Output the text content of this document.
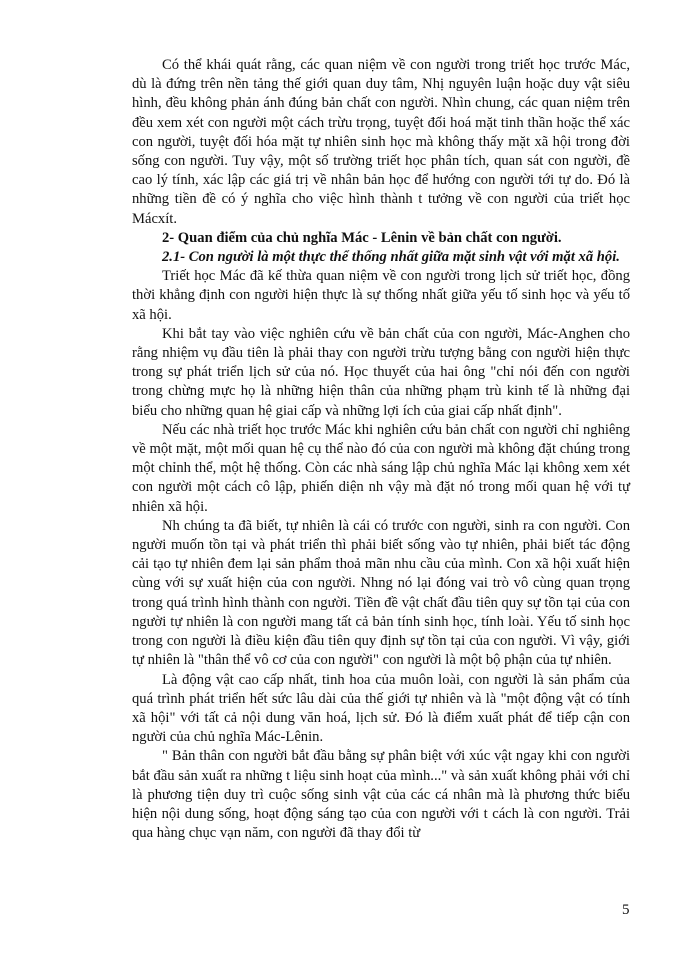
Có thể khái quát rằng, các quan niệm về con người trong triết học trước Mác, dù là đứng trên nền tảng thế giới quan duy tâm, Nhị nguyên luận hoặc duy vật siêu hình, đều không phản ánh đúng bản chất con người. Nhìn chung, các quan niệm trên đều xem xét con người một cách trừu trọng, tuyệt đối hoá mặt tinh thần hoặc thể xác con người, tuyệt đối hóa mặt tự nhiên sinh học mà không thấy mặt xã hội trong đời sống con người. Tuy vậy, một số trường triết học phân tích, quan sát con người, đề cao lý tính, xác lập các giá trị về nhân bản học để hướng con người tới tự do. Đó là những tiền đề có ý nghĩa cho việc hình thành t tưởng về con người của triết học Mácxít.

2- Quan điểm của chủ nghĩa Mác - Lênin về bản chất con người.

2.1- Con người là một thực thể thống nhất giữa mặt sinh vật với mặt xã hội.

Triết học Mác đã kế thừa quan niệm về con người trong lịch sử triết học, đồng thời khẳng định con người hiện thực là sự thống nhất giữa yếu tố sinh học và yếu tố xã hội.

Khi bắt tay vào việc nghiên cứu về bản chất của con người, Mác-Anghen cho rằng nhiệm vụ đầu tiên là phải thay con người trừu tượng bằng con người hiện thực trong sự phát triển lịch sử của nó. Học thuyết của hai ông "chỉ nói đến con người trong chừng mực họ là những hiện thân của những phạm trù kinh tế là những đại biểu cho những quan hệ giai cấp và những lợi ích của giai cấp nhất định".

Nếu các nhà triết học trước Mác khi nghiên cứu bản chất con người chỉ nghiêng về một mặt, một mối quan hệ cụ thể nào đó của con người mà không đặt chúng trong một chỉnh thể, một hệ thống. Còn các nhà sáng lập chủ nghĩa Mác lại không xem xét con người một cách cô lập, phiến diện nh vậy mà đặt nó trong mối quan hệ với tự nhiên xã hội.

Nh chúng ta đã biết, tự nhiên là cái có trước con người, sinh ra con người. Con người muốn tồn tại và phát triển thì phải biết sống vào tự nhiên, phải biết tác động cải tạo tự nhiên đem lại sản phẩm thoả mãn nhu cầu của mình. Con xã hội xuất hiện cùng với sự xuất hiện của con người. Nhng nó lại đóng vai trò vô cùng quan trọng trong quá trình hình thành con người. Tiền đề vật chất đầu tiên quy sự tồn tại của con người tự nhiên là con người mang tất cả bản tính sinh học, tính loài. Yếu tố sinh học trong con người là điều kiện đầu tiên quy định sự tồn tại của con người. Vì vậy, giới tự nhiên là "thân thể vô cơ của con người" con người là một bộ phận của tự nhiên.

Là động vật cao cấp nhất, tinh hoa của muôn loài, con người là sản phẩm của quá trình phát triển hết sức lâu dài của thế giới tự nhiên và là "một động vật có tính xã hội" với tất cả nội dung văn hoá, lịch sử. Đó là điểm xuất phát để tiếp cận con người của chủ nghĩa Mác-Lênin.

" Bản thân con người bắt đầu bằng sự phân biệt với xúc vật ngay khi con người bắt đầu sản xuất ra những t liệu sinh hoạt của mình..." và sản xuất không phải với chỉ là phương tiện duy trì cuộc sống sinh vật của các cá nhân mà là phương thức biểu hiện nội dung sống, hoạt động sáng tạo của con người với t cách là con người. Trải qua hàng chục vạn năm, con người đã thay đổi từ

5
